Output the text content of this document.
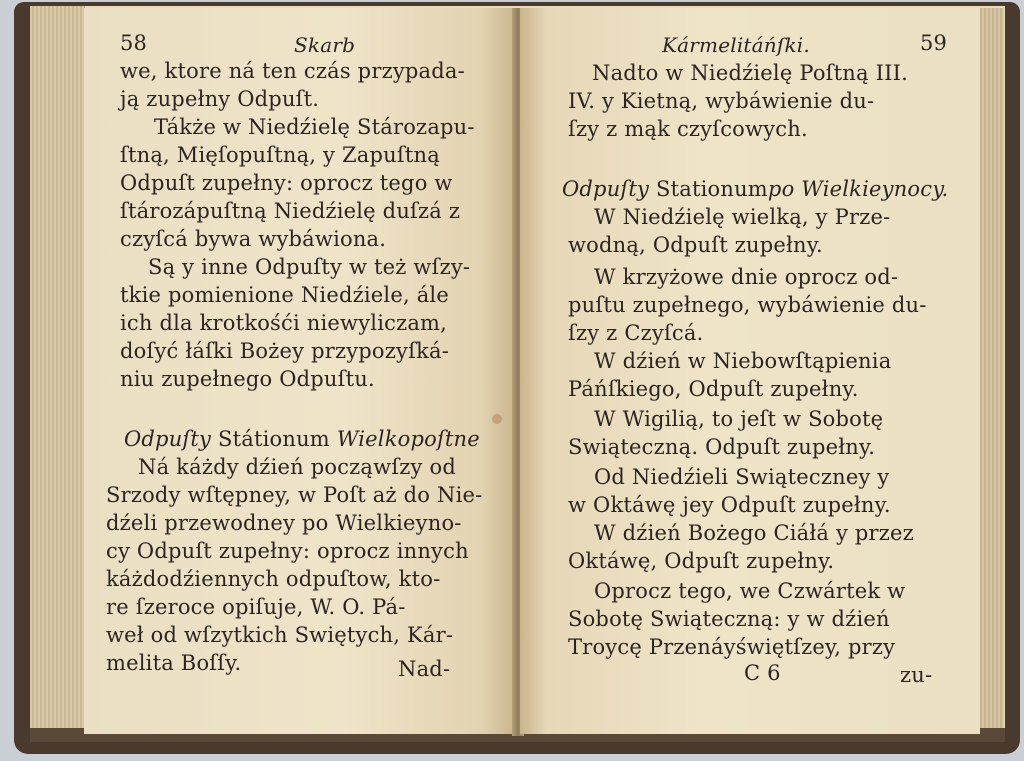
58	Skarb
we, ktore ná ten czás przypada-
ją zupełny Odpuſt.
Tákże w Niedźielę Stározapu-
ſtną, Mięſopuſtną, y Zapuſtną
Odpuſt zupełny: oprocz tego w
ſtározápuſtną Niedźielę duſzá z
czyſcá bywa wybáwiona.
Są y inne Odpuſty w też wſzy-
tkie pomienione Niedźiele, ále
ich dla krotkośći niewyliczam,
doſyć łáſki Bożey przypozyſká-
niu zupełnego Odpuſtu.
Odpuſty Státionum Wielkopoſtne
Ná káżdy dźień począwſzy od
Srzody wſtępney, w Poſt aż do Nie-
dźeli przewodney po Wielkieyno-
cy Odpuſt zupełny: oprocz innych
káżdodźiennych odpuſtow, kto-
re ſzeroce opiſuje, W. O. Pá-
weł od wſzytkich Swiętych, Kár-
melita Boſſy.	Nad-
Kármelitáńſki.	59
Nadto w Niedźielę Poſtną III.
IV. y Kietną, wybáwienie du-
ſzy z mąk czyſcowych.
Odpuſty Stationumpo Wielkieynocy.
W Niedźielę wielką, y Prze-
wodną, Odpuſt zupełny.
W krzyżowe dnie oprocz od-
puſtu zupełnego, wybáwienie du-
ſzy z Czyſcá.
W dźień w Niebowſtąpienia
Páńſkiego, Odpuſt zupełny.
W Wigilią, to jeſt w Sobotę
Swiąteczną. Odpuſt zupełny.
Od Niedźieli Swiąteczney y
w Oktáwę jey Odpuſt zupełny.
W dźień Bożego Ciáłá y przez
Oktáwę, Odpuſt zupełny.
Oprocz tego, we Czwártek w
Sobotę Swiąteczną: y w dźień
Troycę Przenáyświętſzey, przy
C 6	zu-
